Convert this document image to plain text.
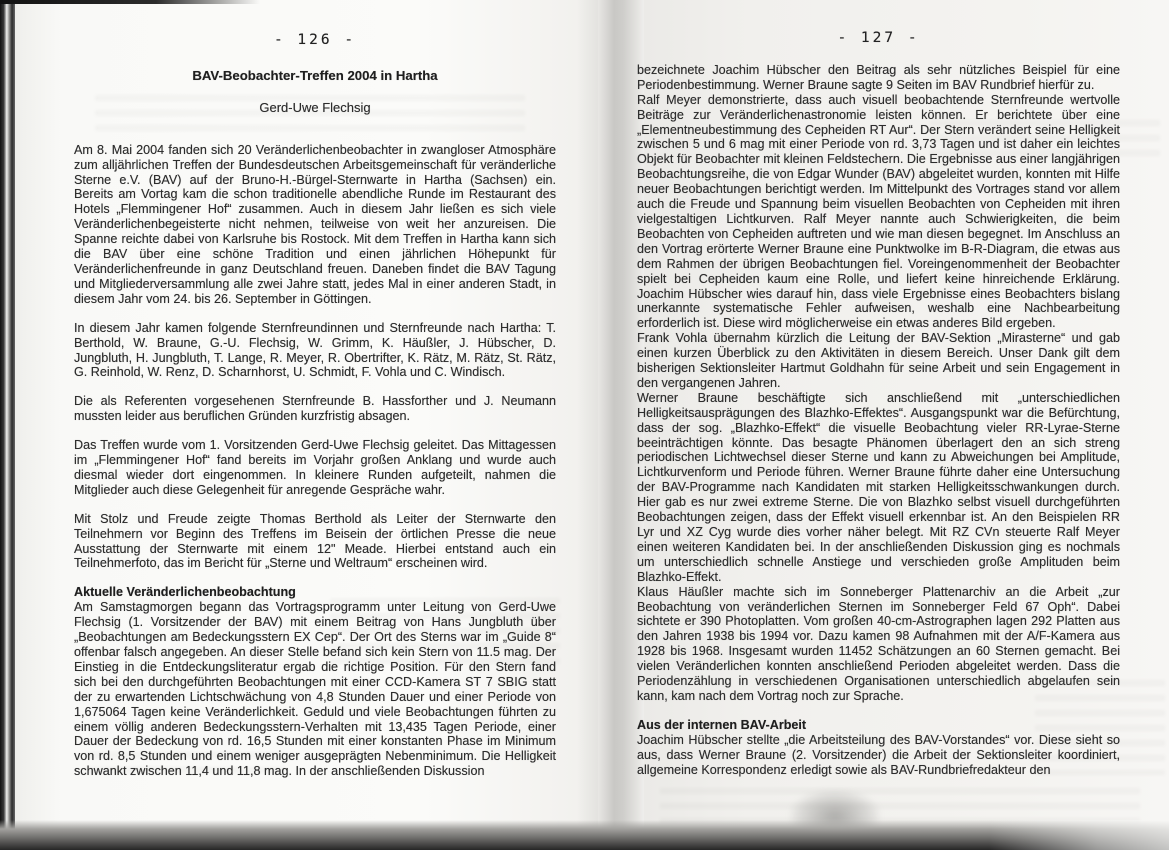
- 126 -
BAV-Beobachter-Treffen 2004 in Hartha
Gerd-Uwe Flechsig

Am 8. Mai 2004 fanden sich 20 Veränderlichenbeobachter in zwangloser Atmosphäre zum alljährlichen Treffen der Bundesdeutschen Arbeitsgemeinschaft für veränderliche Sterne e.V. (BAV) auf der Bruno-H.-Bürgel-Sternwarte in Hartha (Sachsen) ein. Bereits am Vortag kam die schon traditionelle abendliche Runde im Restaurant des Hotels „Flemmingener Hof“ zusammen. Auch in diesem Jahr ließen es sich viele Veränderlichenbegeisterte nicht nehmen, teilweise von weit her anzureisen. Die Spanne reichte dabei von Karlsruhe bis Rostock. Mit dem Treffen in Hartha kann sich die BAV über eine schöne Tradition und einen jährlichen Höhepunkt für Veränderlichenfreunde in ganz Deutschland freuen. Daneben findet die BAV Tagung und Mitgliederversammlung alle zwei Jahre statt, jedes Mal in einer anderen Stadt, in diesem Jahr vom 24. bis 26. September in Göttingen.

In diesem Jahr kamen folgende Sternfreundinnen und Sternfreunde nach Hartha: T. Berthold, W. Braune, G.-U. Flechsig, W. Grimm, K. Häußler, J. Hübscher, D. Jungbluth, H. Jungbluth, T. Lange, R. Meyer, R. Obertrifter, K. Rätz, M. Rätz, St. Rätz, G. Reinhold, W. Renz, D. Scharnhorst, U. Schmidt, F. Vohla und C. Windisch.

Die als Referenten vorgesehenen Sternfreunde B. Hassforther und J. Neumann mussten leider aus beruflichen Gründen kurzfristig absagen.

Das Treffen wurde vom 1. Vorsitzenden Gerd-Uwe Flechsig geleitet. Das Mittagessen im „Flemmingener Hof“ fand bereits im Vorjahr großen Anklang und wurde auch diesmal wieder dort eingenommen. In kleinere Runden aufgeteilt, nahmen die Mitglieder auch diese Gelegenheit für anregende Gespräche wahr.

Mit Stolz und Freude zeigte Thomas Berthold als Leiter der Sternwarte den Teilnehmern vor Beginn des Treffens im Beisein der örtlichen Presse die neue Ausstattung der Sternwarte mit einem 12" Meade. Hierbei entstand auch ein Teilnehmerfoto, das im Bericht für „Sterne und Weltraum“ erscheinen wird.

Aktuelle Veränderlichenbeobachtung

Am Samstagmorgen begann das Vortragsprogramm unter Leitung von Gerd-Uwe Flechsig (1. Vorsitzender der BAV) mit einem Beitrag von Hans Jungbluth über „Beobachtungen am Bedeckungsstern EX Cep“. Der Ort des Sterns war im „Guide 8“ offenbar falsch angegeben. An dieser Stelle befand sich kein Stern von 11.5 mag. Der Einstieg in die Entdeckungsliteratur ergab die richtige Position. Für den Stern fand sich bei den durchgeführten Beobachtungen mit einer CCD-Kamera ST 7 SBIG statt der zu erwartenden Lichtschwächung von 4,8 Stunden Dauer und einer Periode von 1,675064 Tagen keine Veränderlichkeit. Geduld und viele Beobachtungen führten zu einem völlig anderen Bedeckungsstern-Verhalten mit 13,435 Tagen Periode, einer Dauer der Bedeckung von rd. 16,5 Stunden mit einer konstanten Phase im Minimum von rd. 8,5 Stunden und einem weniger ausgeprägten Nebenminimum. Die Helligkeit schwankt zwischen 11,4 und 11,8 mag. In der anschließenden Diskussion

- 127 -

bezeichnete Joachim Hübscher den Beitrag als sehr nützliches Beispiel für eine Periodenbestimmung. Werner Braune sagte 9 Seiten im BAV Rundbrief hierfür zu.

Ralf Meyer demonstrierte, dass auch visuell beobachtende Sternfreunde wertvolle Beiträge zur Veränderlichenastronomie leisten können. Er berichtete über eine „Elementneubestimmung des Cepheiden RT Aur“. Der Stern verändert seine Helligkeit zwischen 5 und 6 mag mit einer Periode von rd. 3,73 Tagen und ist daher ein leichtes Objekt für Beobachter mit kleinen Feldstechern. Die Ergebnisse aus einer langjährigen Beobachtungsreihe, die von Edgar Wunder (BAV) abgeleitet wurden, konnten mit Hilfe neuer Beobachtungen berichtigt werden. Im Mittelpunkt des Vortrages stand vor allem auch die Freude und Spannung beim visuellen Beobachten von Cepheiden mit ihren vielgestaltigen Lichtkurven. Ralf Meyer nannte auch Schwierigkeiten, die beim Beobachten von Cepheiden auftreten und wie man diesen begegnet. Im Anschluss an den Vortrag erörterte Werner Braune eine Punktwolke im B-R-Diagram, die etwas aus dem Rahmen der übrigen Beobachtungen fiel. Voreingenommenheit der Beobachter spielt bei Cepheiden kaum eine Rolle, und liefert keine hinreichende Erklärung. Joachim Hübscher wies darauf hin, dass viele Ergebnisse eines Beobachters bislang unerkannte systematische Fehler aufweisen, weshalb eine Nachbearbeitung erforderlich ist. Diese wird möglicherweise ein etwas anderes Bild ergeben.

Frank Vohla übernahm kürzlich die Leitung der BAV-Sektion „Mirasterne“ und gab einen kurzen Überblick zu den Aktivitäten in diesem Bereich. Unser Dank gilt dem bisherigen Sektionsleiter Hartmut Goldhahn für seine Arbeit und sein Engagement in den vergangenen Jahren.

Werner Braune beschäftigte sich anschließend mit „unterschiedlichen Helligkeitsausprägungen des Blazhko-Effektes“. Ausgangspunkt war die Befürchtung, dass der sog. „Blazhko-Effekt“ die visuelle Beobachtung vieler RR-Lyrae-Sterne beeinträchtigen könnte. Das besagte Phänomen überlagert den an sich streng periodischen Lichtwechsel dieser Sterne und kann zu Abweichungen bei Amplitude, Lichtkurvenform und Periode führen. Werner Braune führte daher eine Untersuchung der BAV-Programme nach Kandidaten mit starken Helligkeitsschwankungen durch. Hier gab es nur zwei extreme Sterne. Die von Blazhko selbst visuell durchgeführten Beobachtungen zeigen, dass der Effekt visuell erkennbar ist. An den Beispielen RR Lyr und XZ Cyg wurde dies vorher näher belegt. Mit RZ CVn steuerte Ralf Meyer einen weiteren Kandidaten bei. In der anschließenden Diskussion ging es nochmals um unterschiedlich schnelle Anstiege und verschieden große Amplituden beim Blazhko-Effekt.

Klaus Häußler machte sich im Sonneberger Plattenarchiv an die Arbeit „zur Beobachtung von veränderlichen Sternen im Sonneberger Feld 67 Oph“. Dabei sichtete er 390 Photoplatten. Vom großen 40-cm-Astrographen lagen 292 Platten aus den Jahren 1938 bis 1994 vor. Dazu kamen 98 Aufnahmen mit der A/F-Kamera aus 1928 bis 1968. Insgesamt wurden 11452 Schätzungen an 60 Sternen gemacht. Bei vielen Veränderlichen konnten anschließend Perioden abgeleitet werden. Dass die Periodenzählung in verschiedenen Organisationen unterschiedlich abgelaufen sein kann, kam nach dem Vortrag noch zur Sprache.

Aus der internen BAV-Arbeit

Joachim Hübscher stellte „die Arbeitsteilung des BAV-Vorstandes“ vor. Diese sieht so aus, dass Werner Braune (2. Vorsitzender) die Arbeit der Sektionsleiter koordiniert, allgemeine Korrespondenz erledigt sowie als BAV-Rundbriefredakteur den
